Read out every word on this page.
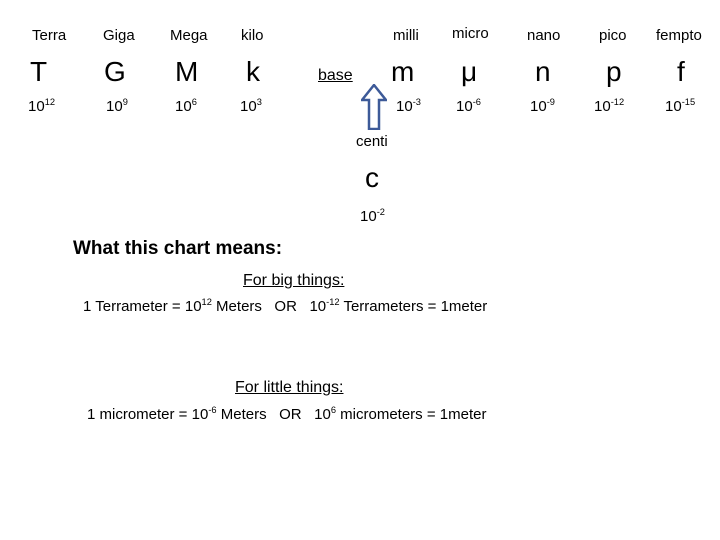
Terra Giga Mega kilo	milli micro	nano	pico fempto
T G M k	m μ n p f
$10^{12}$	$10^9$	$10^6$	$10^3$	$10^{-3}$ $10^{-6}$	$10^{-9}$	$10^{-12}$	$10^{-15}$
base
centi
c
$10^{-2}$
What this chart means:
For big things:
1 Terrameter = $10^{12}$ Meters OR $10^{-12}$ Terrameters = 1meter
For little things:
1 micrometer = $10^{-6}$ Meters OR $10^6$ micrometers = 1meter
